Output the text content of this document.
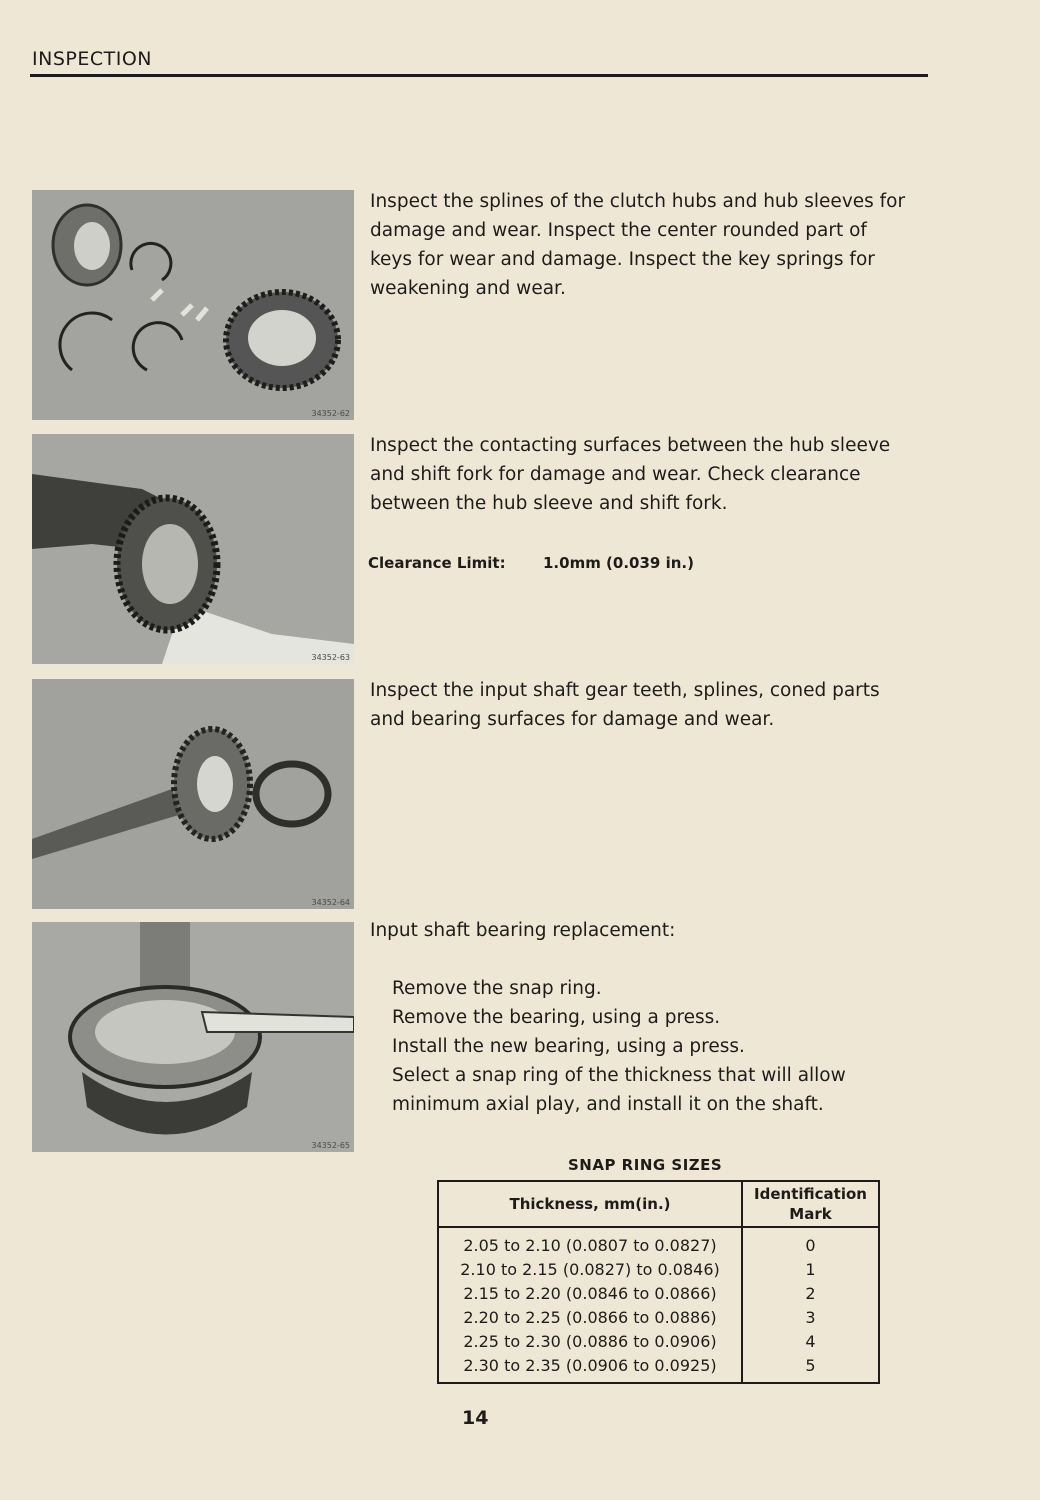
INSPECTION
34352-62

Inspect the splines of the clutch hubs and hub sleeves for damage and wear. Inspect the center rounded part of keys for wear and damage. Inspect the key springs for weakening and wear.

34352-63

Inspect the contacting surfaces between the hub sleeve and shift fork for damage and wear. Check clearance between the hub sleeve and shift fork.

Clearance Limit: 1.0mm (0.039 in.)
34352-64

Inspect the input shaft gear teeth, splines, coned parts and bearing surfaces for damage and wear.

34352-65

Input shaft bearing replacement:

Remove the snap ring.
Remove the bearing, using a press.
Install the new bearing, using a press.
Select a snap ring of the thickness that will allow
minimum axial play, and install it on the shaft.
SNAP RING SIZES
Thickness, mm(in.)	Identification Mark
2.05 to 2.10 (0.0807 to 0.0827)	0
2.10 to 2.15 (0.0827) to 0.0846)	1
2.15 to 2.20 (0.0846 to 0.0866)	2
2.20 to 2.25 (0.0866 to 0.0886)	3
2.25 to 2.30 (0.0886 to 0.0906)	4
2.30 to 2.35 (0.0906 to 0.0925)	5
14
